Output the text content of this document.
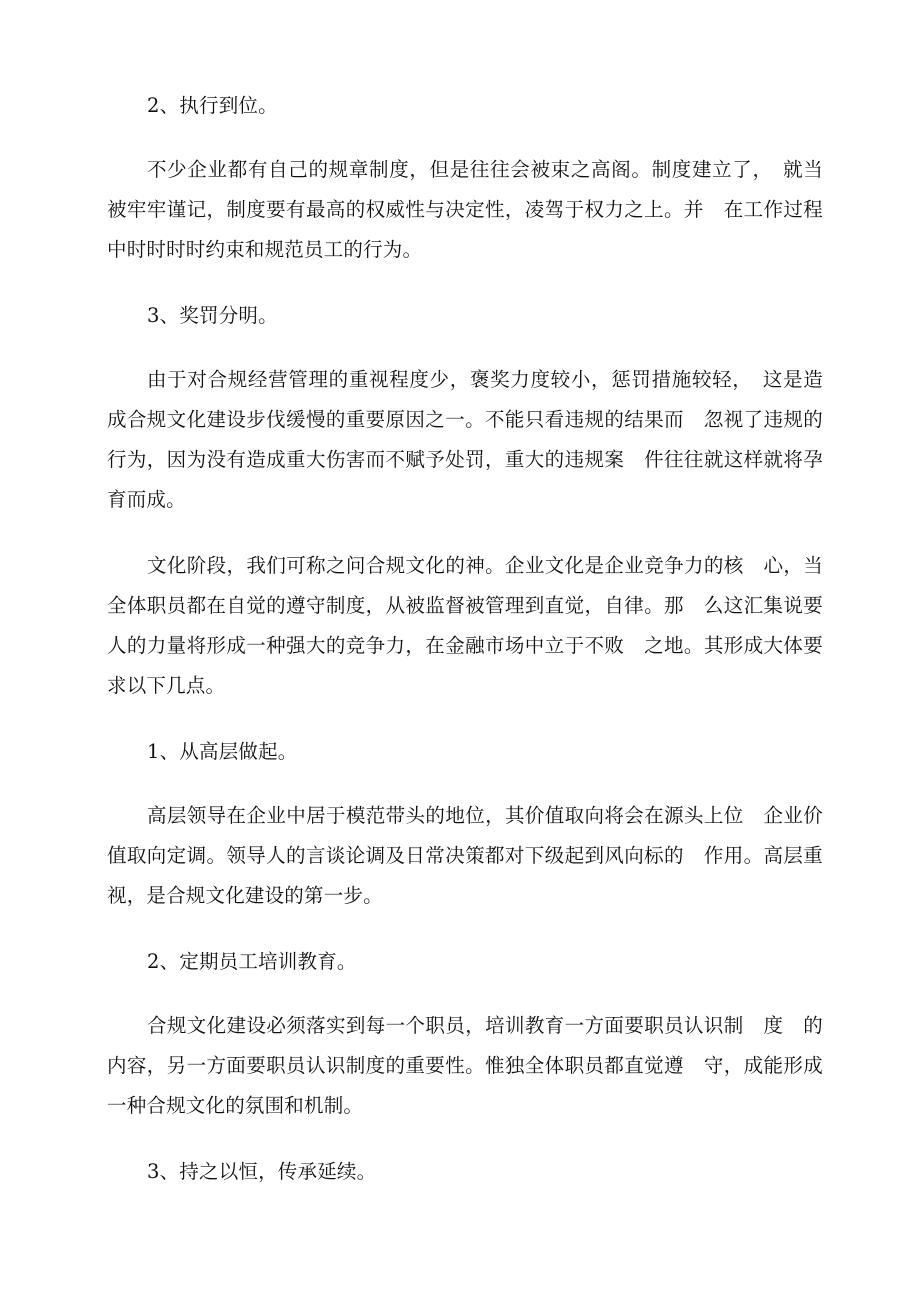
2、执行到位。

不少企业都有自己的规章制度，但是往往会被束之高阁。制度建立了，　就当被牢牢谨记，制度要有最高的权威性与决定性，凌驾于权力之上。并　在工作过程中时时时时约束和规范员工的行为。

3、奖罚分明。

由于对合规经营管理的重视程度少，褒奖力度较小，惩罚措施较轻，　这是造成合规文化建设步伐缓慢的重要原因之一。不能只看违规的结果而　忽视了违规的行为，因为没有造成重大伤害而不赋予处罚，重大的违规案　件往往就这样就将孕育而成。

文化阶段，我们可称之问合规文化的神。企业文化是企业竞争力的核　心，当全体职员都在自觉的遵守制度，从被监督被管理到直觉，自律。那　么这汇集说要人的力量将形成一种强大的竞争力，在金融市场中立于不败　之地。其形成大体要求以下几点。

1、从高层做起。

高层领导在企业中居于模范带头的地位，其价值取向将会在源头上位　企业价值取向定调。领导人的言谈论调及日常决策都对下级起到风向标的　作用。高层重视，是合规文化建设的第一步。

2、定期员工培训教育。

合规文化建设必须落实到每一个职员，培训教育一方面要职员认识制　度　的内容，另一方面要职员认识制度的重要性。惟独全体职员都直觉遵　守，成能形成一种合规文化的氛围和机制。

3、持之以恒，传承延续。
